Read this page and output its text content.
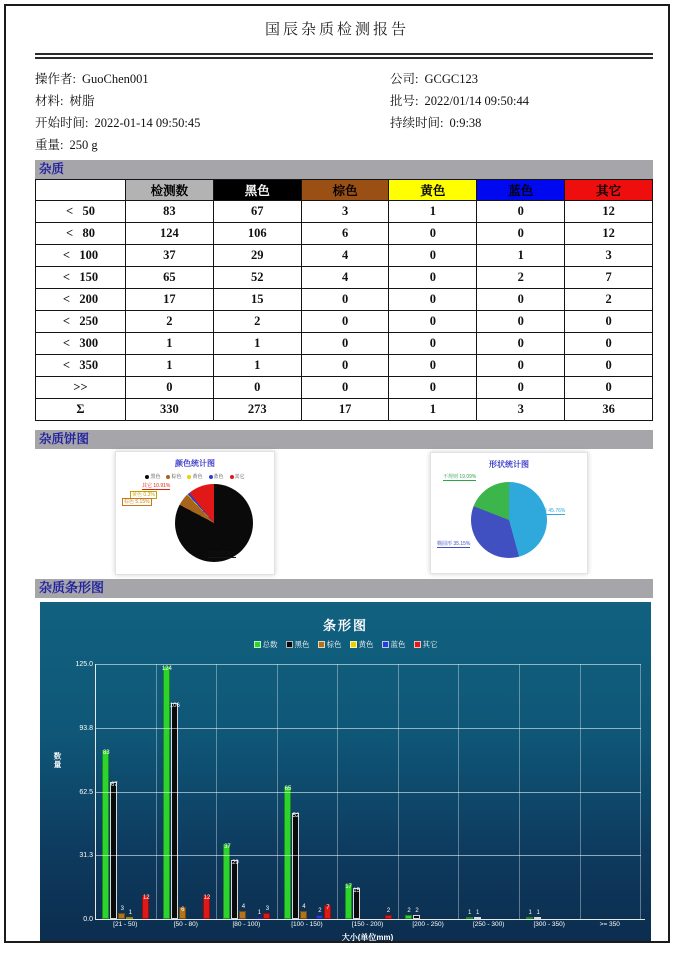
国辰杂质检测报告
操作者: GuoChen001	公司: GCGC123
材料: 树脂	批号: 2022/01/14 09:50:44
开始时间: 2022-01-14 09:50:45	持续时间: 0:9:38
重量: 250 g
杂质
	检测数	黑色	棕色	黄色	蓝色	其它
<   50	83	67	3	1	0	12
<   80	124	106	6	0	0	12
<   100	37	29	4	0	1	3
<   150	65	52	4	0	2	7
<   200	17	15	0	0	0	2
<   250	2	2	0	0	0	0
<   300	1	1	0	0	0	0
<   350	1	1	0	0	0	0
>>	0	0	0	0	0	0
Σ	330	273	17	1	3	36
杂质饼图
颜色统计图
黑色 棕色 黄色 蓝色 其它
其它 10.91%
黄色 0.3%
棕色 5.15%
黑色 82.73%
形状统计图
不规则 19.09%
圆形 45.76%
椭圆形 35.15%
杂质条形图
条形图
总数 黑色 棕色 黄色 蓝色 其它
数量
125.0
93.8
62.5
31.3
0.0
83
67
3
1
12
124
106
6
12
37
29
4
1
3
65
52
4
2 7
17
15
2	2 2	1 1	1 1
[21 - 50)	[50 - 80)	[80 - 100)	[100 - 150)	[150 - 200)	[200 - 250)	[250 - 300)	[300 - 350)	>= 350
大小(单位mm)
